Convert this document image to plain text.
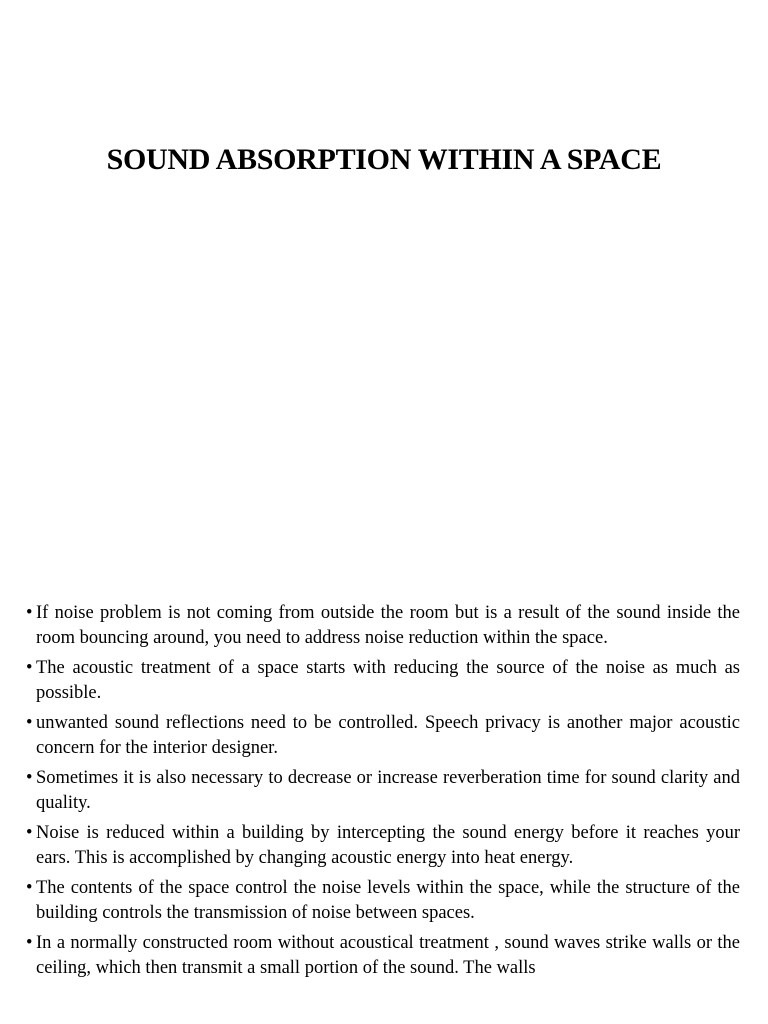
SOUND ABSORPTION WITHIN A SPACE
• If noise problem is not coming from outside the room but is a result of the sound inside the room bouncing around, you need to address noise reduction within the space.
• The acoustic treatment of a space starts with reducing the source of the noise as much as possible.
• unwanted sound reflections need to be controlled. Speech privacy is another major acoustic concern for the interior designer.
• Sometimes it is also necessary to decrease or increase reverberation time for sound clarity and quality.
• Noise is reduced within a building by intercepting the sound energy before it reaches your ears. This is accomplished by changing acoustic energy into heat energy.
• The contents of the space control the noise levels within the space, while the structure of the building controls the transmission of noise between spaces.
• In a normally constructed room without acoustical treatment , sound waves strike walls or the ceiling, which then transmit a small portion of the sound. The walls
